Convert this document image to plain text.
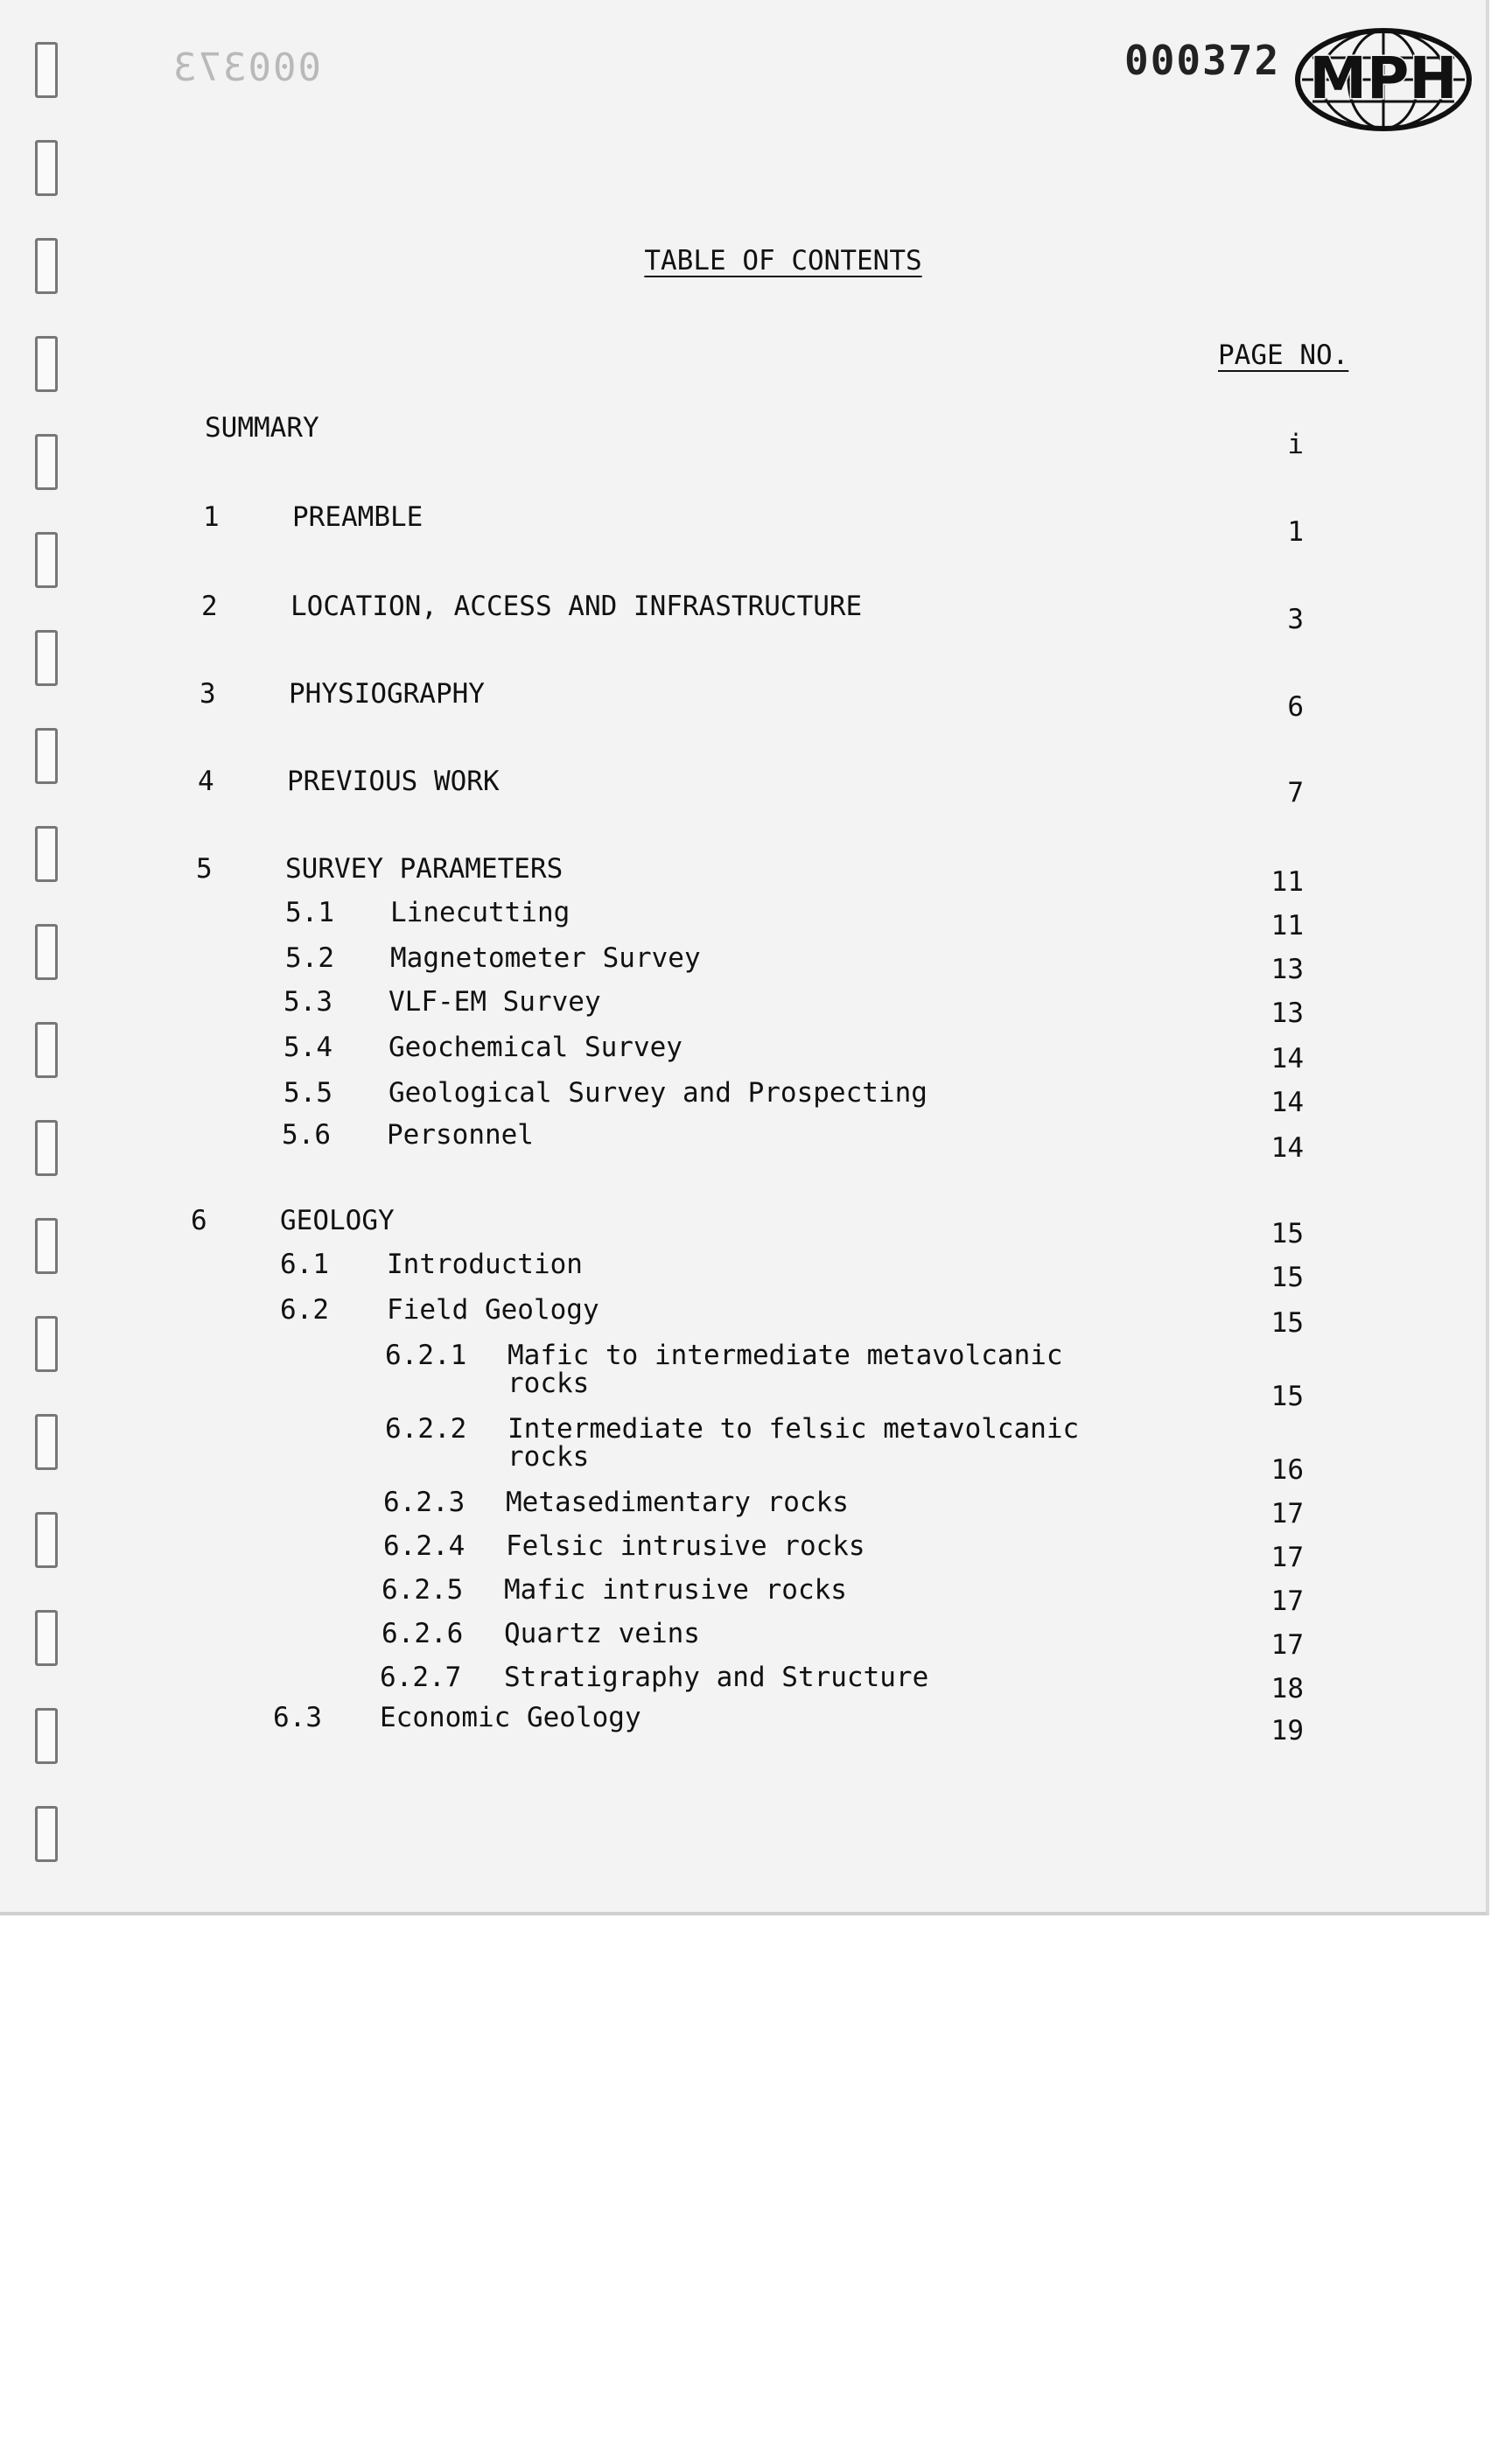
000373	000372 MPH
TABLE OF CONTENTS
PAGE NO.
SUMMARY
i
1	PREAMBLE	1
2	LOCATION, ACCESS AND INFRASTRUCTURE	3
3	PHYSIOGRAPHY	6
4	PREVIOUS WORK	7
5	SURVEY PARAMETERS	11
5.1 Linecutting	11
5.2 Magnetometer Survey	13
5.3 VLF-EM Survey	13
5.4 Geochemical Survey	14
5.5 Geological Survey and Prospecting	14
5.6 Personnel	14
6	GEOLOGY	15
6.1 Introduction	15
6.2 Field Geology	15
6.2.1 Mafic to intermediate metavolcanic
rocks	15
6.2.2 Intermediate to felsic metavolcanic
rocks	16
6.2.3 Metasedimentary rocks	17
6.2.4 Felsic intrusive rocks	17
6.2.5 Mafic intrusive rocks	17
6.2.6 Quartz veins	17
6.2.7 Stratigraphy and Structure	18
6.3 Economic Geology	19
